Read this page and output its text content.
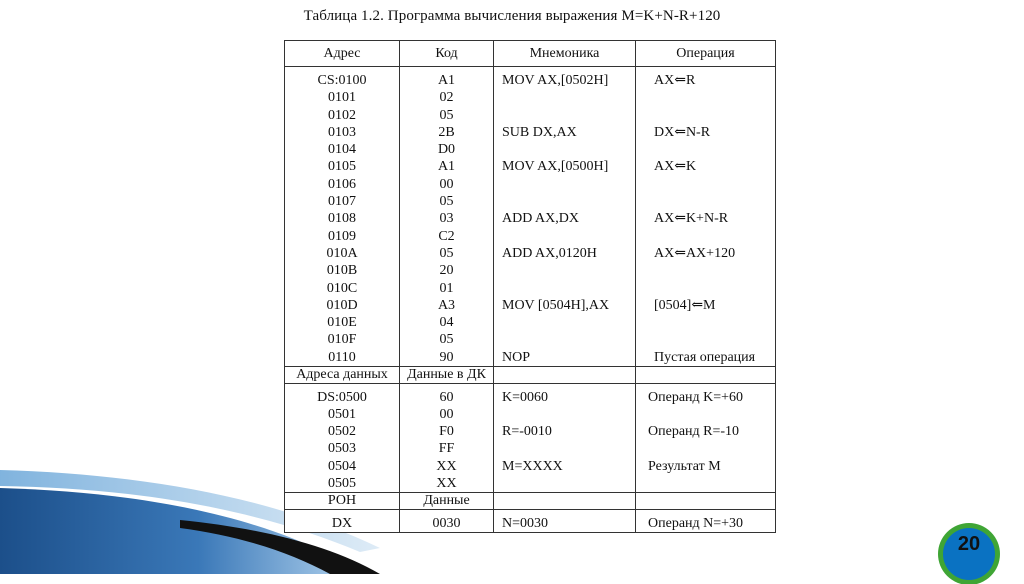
Таблица 1.2. Программа вычисления выражения M=K+N-R+120
Адрес	Код	Мнемоника	Операция
CS:0100	A1	MOV AX,[0502H]	AX⇐R
0101	02		
0102	05		
0103	2B	SUB DX,AX	DX⇐N-R
0104	D0		
0105	A1	MOV AX,[0500H]	AX⇐K
0106	00		
0107	05		
0108	03	ADD AX,DX	AX⇐K+N-R
0109	C2		
010A	05	ADD AX,0120H	AX⇐AX+120
010B	20		
010C	01		
010D	A3	MOV [0504H],AX	[0504]⇐M
010E	04		
010F	05		
0110	90	NOP	Пустая операция
Адреса данных	Данные в ДК		
DS:0500	60	K=0060	Операнд K=+60
0501	00		
0502	F0	R=-0010	Операнд R=-10
0503	FF		
0504	XX	M=XXXX	Результат M
0505	XX		
РОН	Данные		
DX	0030	N=0030	Операнд N=+30
20
